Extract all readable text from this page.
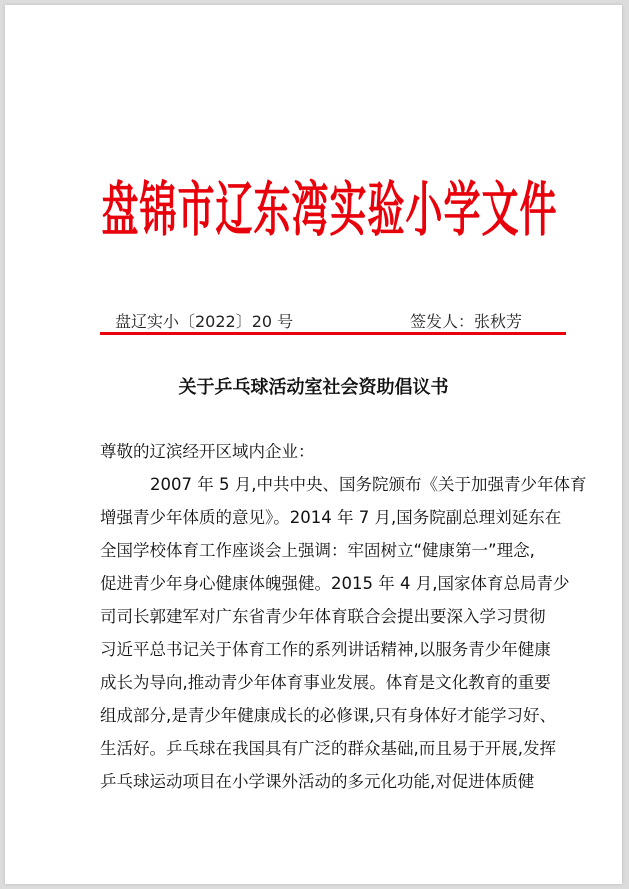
盘锦市辽东湾实验小学文件
盘辽实小〔2022〕20 号	签发人：张秋芳
关于乒乓球活动室社会资助倡议书
尊敬的辽滨经开区域内企业：
2007 年 5 月,中共中央、国务院颁布《关于加强青少年体育
增强青少年体质的意见》。2014 年 7 月,国务院副总理刘延东在
全国学校体育工作座谈会上强调：牢固树立“健康第一”理念,
促进青少年身心健康体魄强健。2015 年 4 月,国家体育总局青少
司司长郭建军对广东省青少年体育联合会提出要深入学习贯彻
习近平总书记关于体育工作的系列讲话精神,以服务青少年健康
成长为导向,推动青少年体育事业发展。体育是文化教育的重要
组成部分,是青少年健康成长的必修课,只有身体好才能学习好、
生活好。乒乓球在我国具有广泛的群众基础,而且易于开展,发挥
乒乓球运动项目在小学课外活动的多元化功能,对促进体质健
